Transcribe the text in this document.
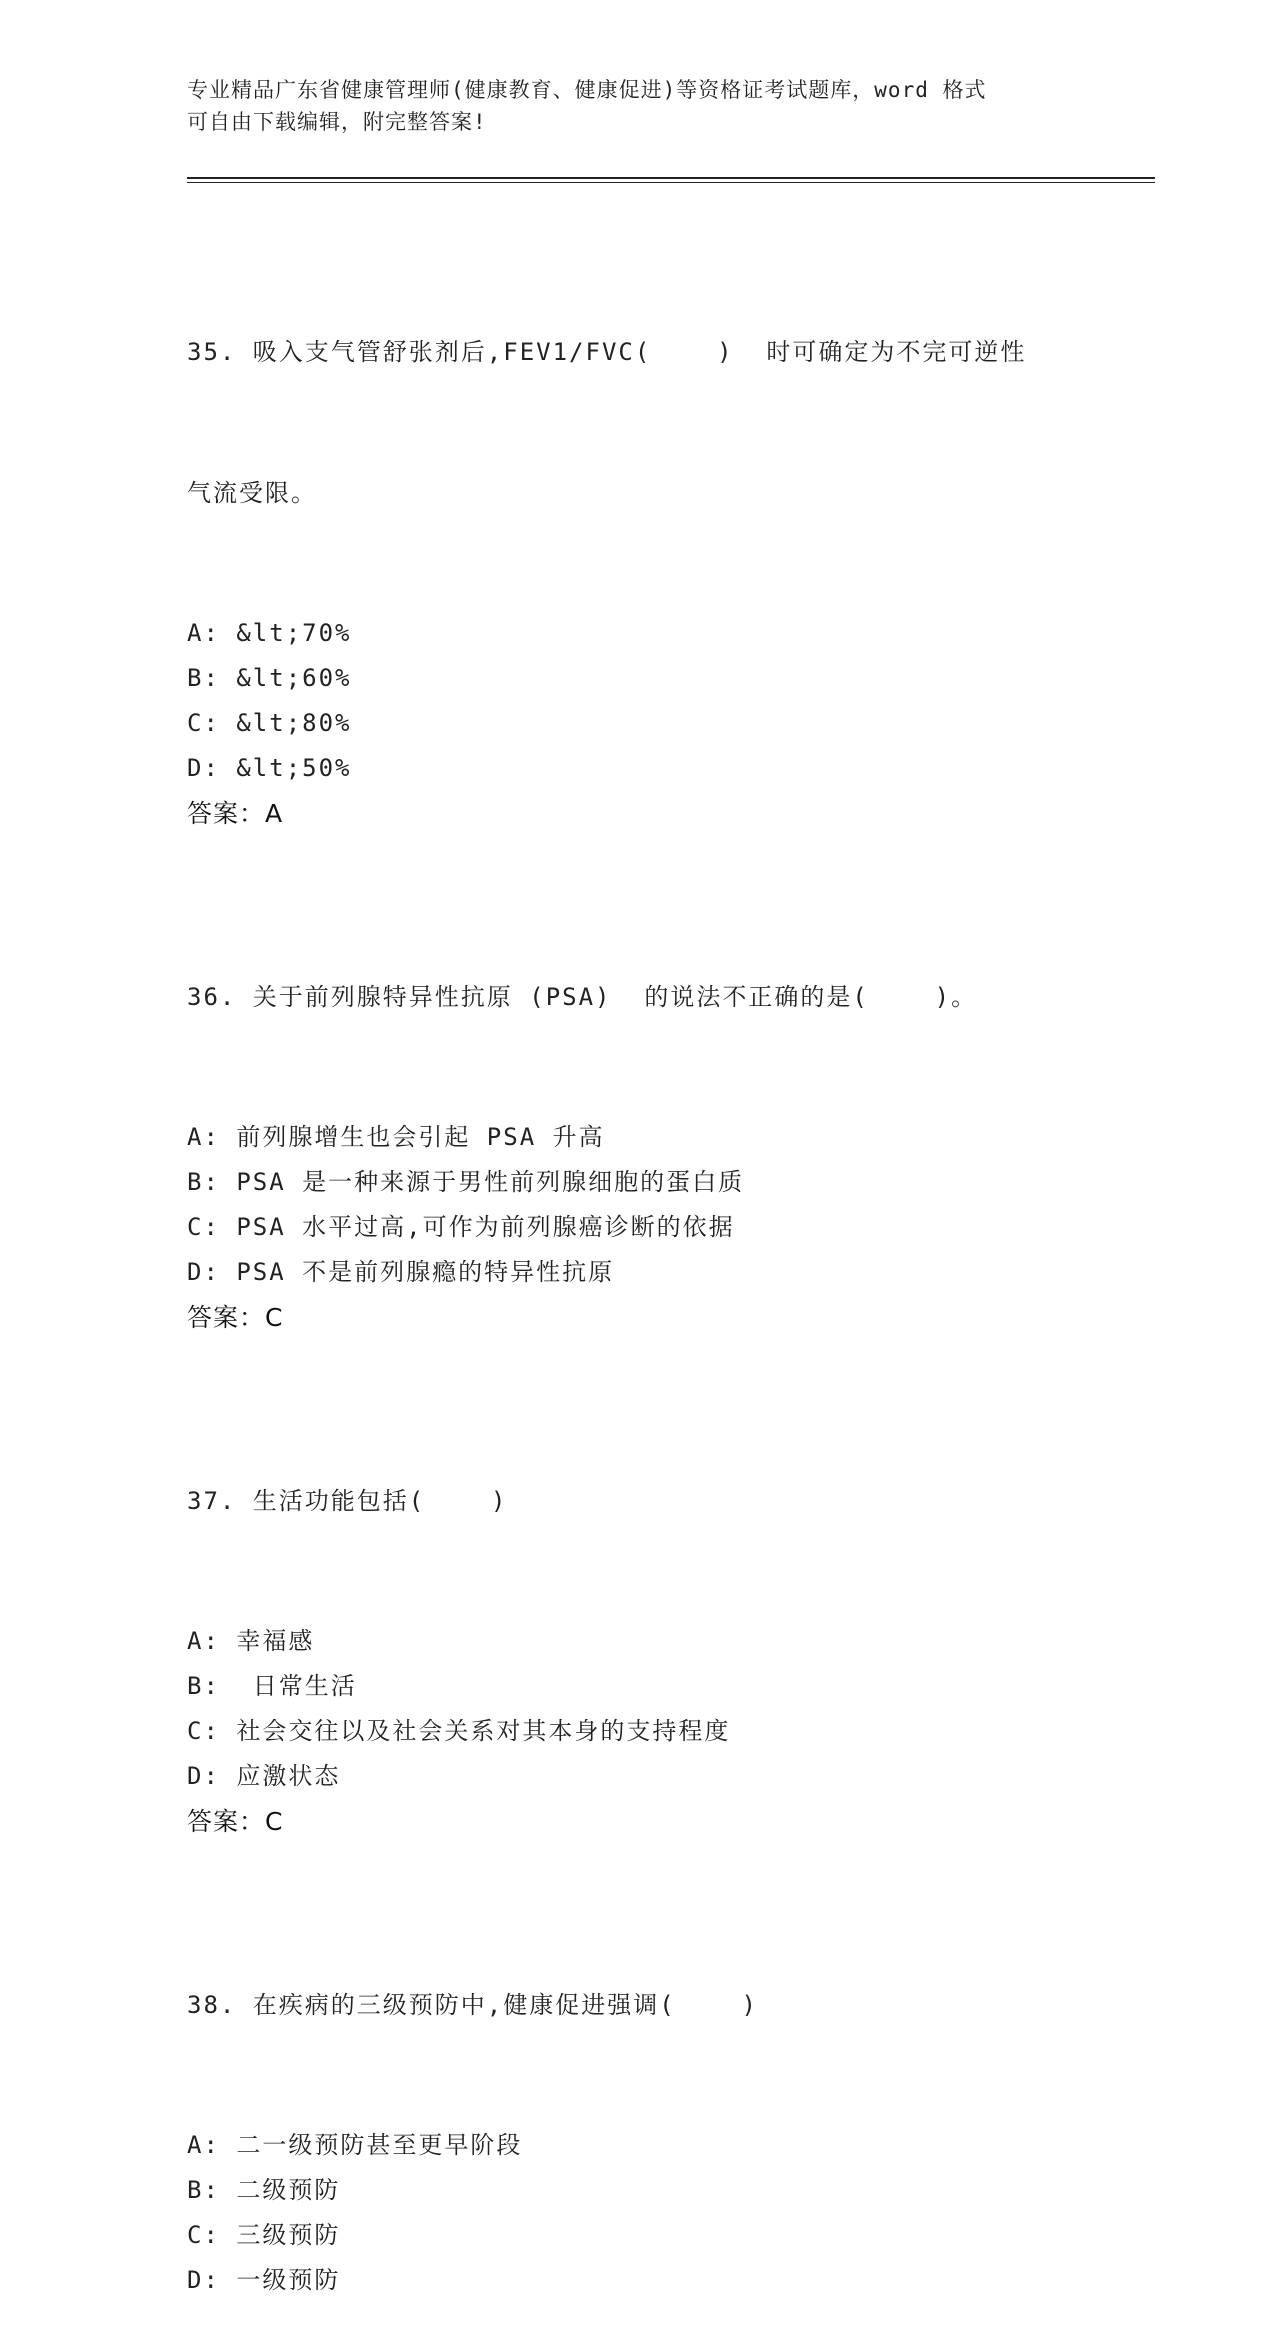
专业精品广东省健康管理师(健康教育、健康促进)等资格证考试题库，word 格式
可自由下载编辑，附完整答案!

35. 吸入支气管舒张剂后,FEV1/FVC(    )  时可确定为不完可逆性

气流受限。

A: &lt;70%
B: &lt;60%
C: &lt;80%
D: &lt;50%
答案：A

36. 关于前列腺特异性抗原 (PSA)  的说法不正确的是(    )。

A: 前列腺增生也会引起 PSA 升高
B: PSA 是一种来源于男性前列腺细胞的蛋白质
C: PSA 水平过高,可作为前列腺癌诊断的依据
D: PSA 不是前列腺瘾的特异性抗原
答案：C

37. 生活功能包括(    )

A: 幸福感
B:  日常生活
C: 社会交往以及社会关系对其本身的支持程度
D: 应激状态
答案：C

38. 在疾病的三级预防中,健康促进强调(    )

A: 二一级预防甚至更早阶段
B: 二级预防
C: 三级预防
D: 一级预防
